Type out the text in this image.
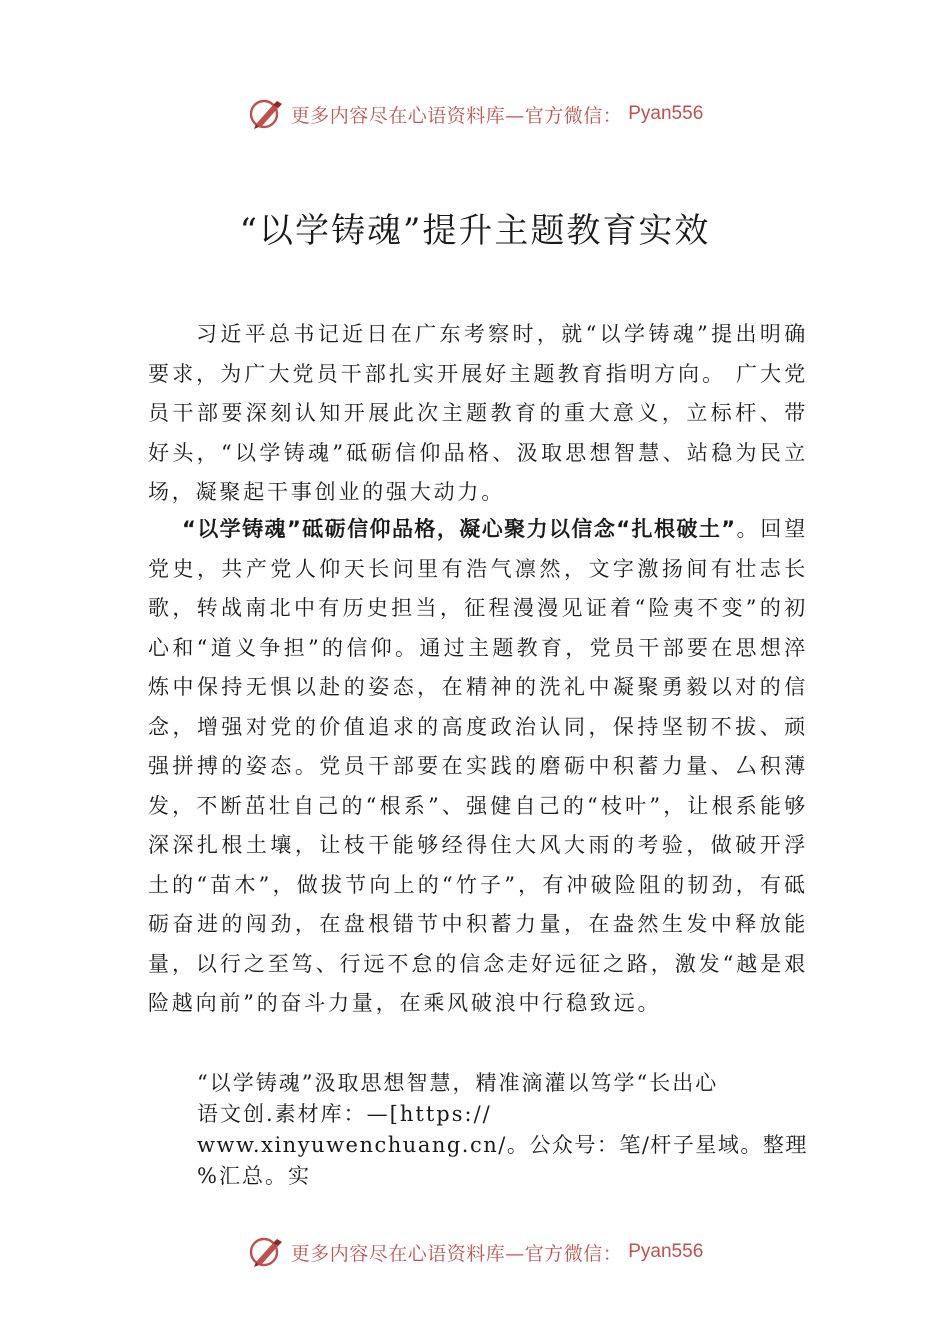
更多内容尽在心语资料库—官方微信： Pyan556
“以学铸魂”提升主题教育实效

习近平总书记近日在广东考察时，就“以学铸魂”提出明确要求，为广大党员干部扎实开展好主题教育指明方向。 广大党员干部要深刻认知开展此次主题教育的重大意义，立标杆、带好头，“以学铸魂”砥砺信仰品格、汲取思想智慧、站稳为民立场，凝聚起干事创业的强大动力。

“以学铸魂”砥砺信仰品格，凝心聚力以信念“扎根破土”。回望党史，共产党人仰天长问里有浩气凛然，文字激扬间有壮志长歌，转战南北中有历史担当，征程漫漫见证着“险夷不变”的初心和“道义争担”的信仰。通过主题教育，党员干部要在思想淬炼中保持无惧以赴的姿态，在精神的洗礼中凝聚勇毅以对的信念，增强对党的价值追求的高度政治认同，保持坚韧不拔、顽强拼搏的姿态。党员干部要在实践的磨砺中积蓄力量、厶积薄发，不断茁壮自己的“根系”、强健自己的“枝叶”，让根系能够深深扎根土壤，让枝干能够经得住大风大雨的考验，做破开浮土的“苗木”，做拔节向上的“竹子”，有冲破险阻的韧劲，有砥砺奋进的闯劲，在盘根错节中积蓄力量，在盎然生发中释放能量，以行之至笃、行远不怠的信念走好远征之路，激发“越是艰险越向前”的奋斗力量，在乘风破浪中行稳致远。

“以学铸魂”汲取思想智慧，精准滴灌以笃学“长出心
语文创.素材库：—[https://
www.xinyuwenchuang.cn/。公众号：笔/杆子星域。整理
%汇总。实
更多内容尽在心语资料库—官方微信： Pyan556
